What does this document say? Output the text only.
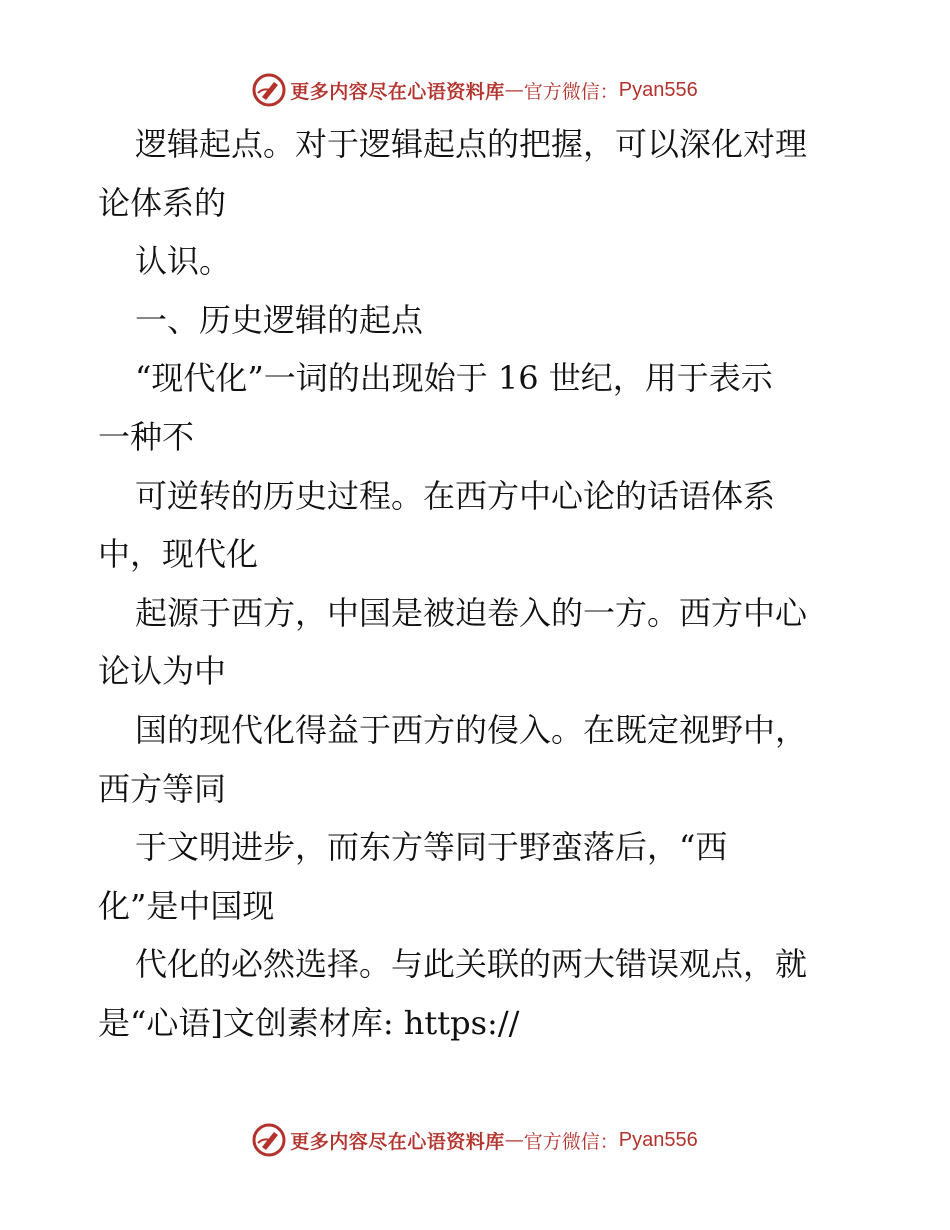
更多内容尽在心语资料库 — 官方微信： Pyan556
逻辑起点。对于逻辑起点的把握，可以深化对理
论体系的
认识。
一、历史逻辑的起点
“现代化”一词的出现始于 16 世纪，用于表示
一种不
可逆转的历史过程。在西方中心论的话语体系
中，现代化
起源于西方，中国是被迫卷入的一方。西方中心
论认为中
国的现代化得益于西方的侵入。在既定视野中，
西方等同
于文明进步，而东方等同于野蛮落后，“西
化”是中国现
代化的必然选择。与此关联的两大错误观点，就
是“心语]文创素材库: https://
更多内容尽在心语资料库 — 官方微信： Pyan556
